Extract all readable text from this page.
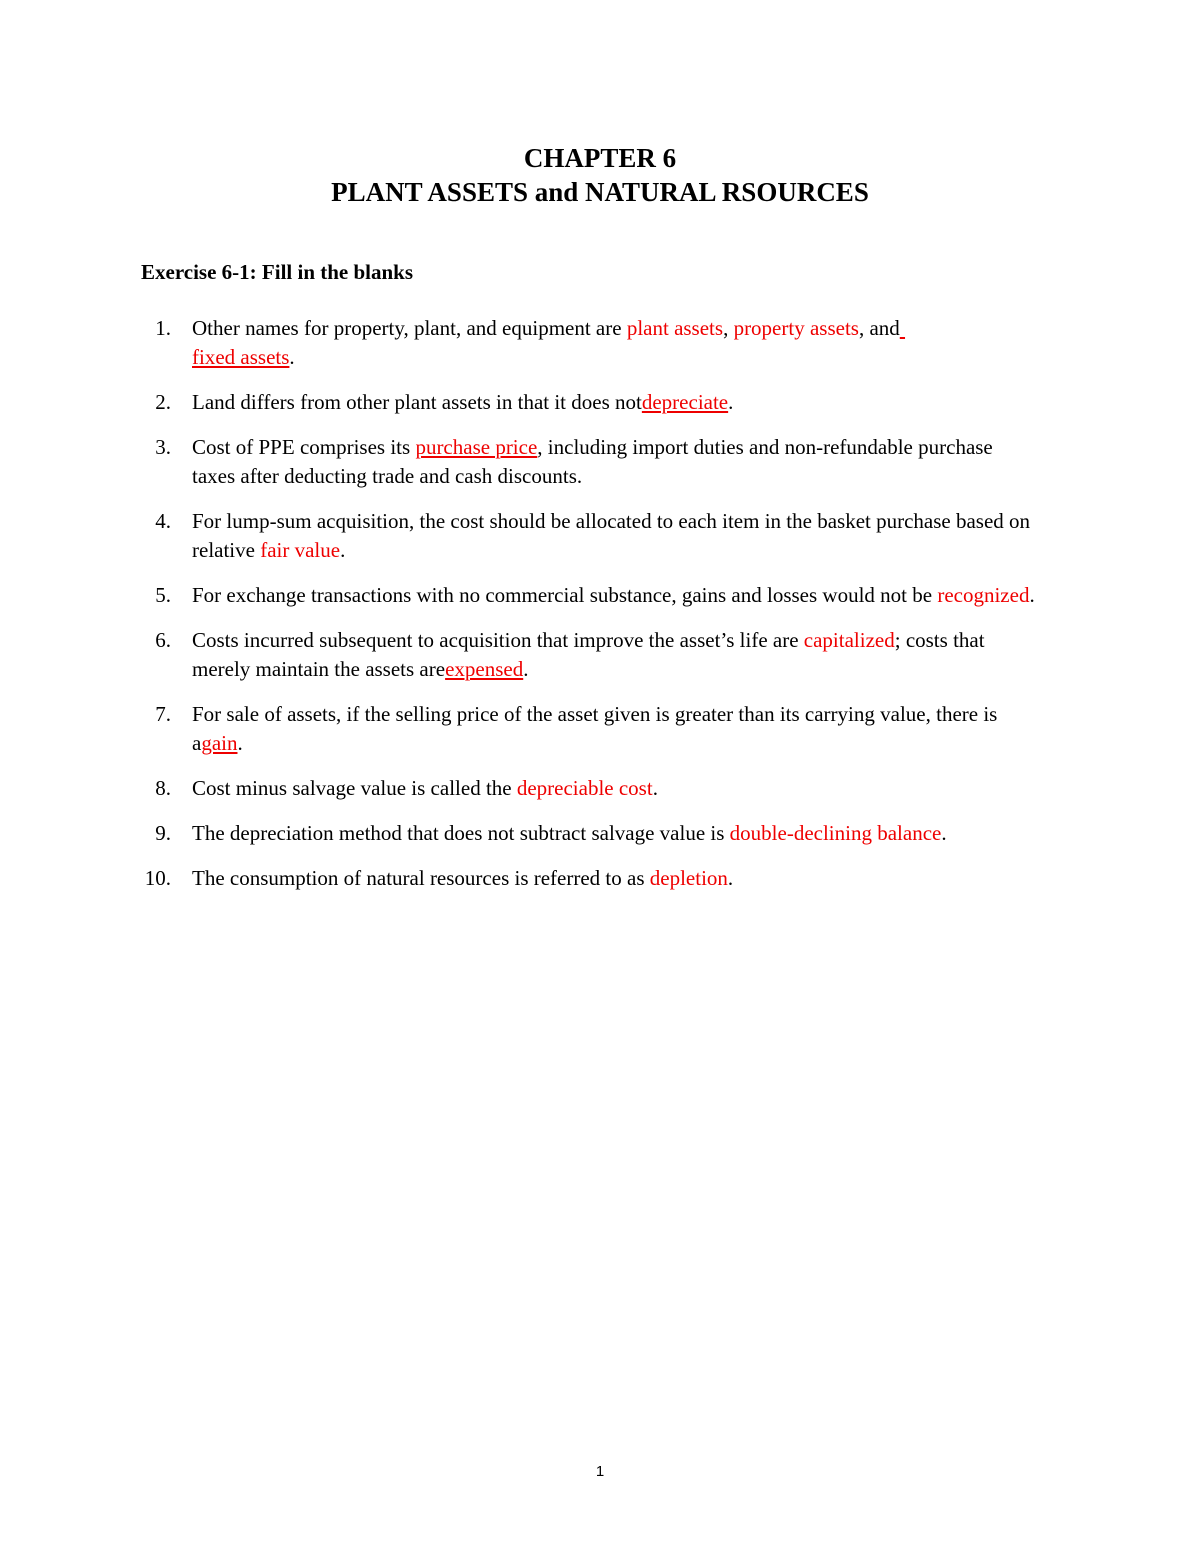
CHAPTER 6
PLANT ASSETS and NATURAL RSOURCES
Exercise 6-1: Fill in the blanks
1. Other names for property, plant, and equipment are plant assets, property assets, and
fixed assets.
2. Land differs from other plant assets in that it does notdepreciate.
3. Cost of PPE comprises its purchase price, including import duties and non-refundable purchase taxes after deducting trade and cash discounts.
4. For lump-sum acquisition, the cost should be allocated to each item in the basket purchase based on relative fair value.
5. For exchange transactions with no commercial substance, gains and losses would not be recognized.
6. Costs incurred subsequent to acquisition that improve the asset’s life are capitalized; costs that merely maintain the assets areexpensed.
7. For sale of assets, if the selling price of the asset given is greater than its carrying value, there is again.
8. Cost minus salvage value is called the depreciable cost.
9. The depreciation method that does not subtract salvage value is double-declining balance.
10. The consumption of natural resources is referred to as depletion.
1
